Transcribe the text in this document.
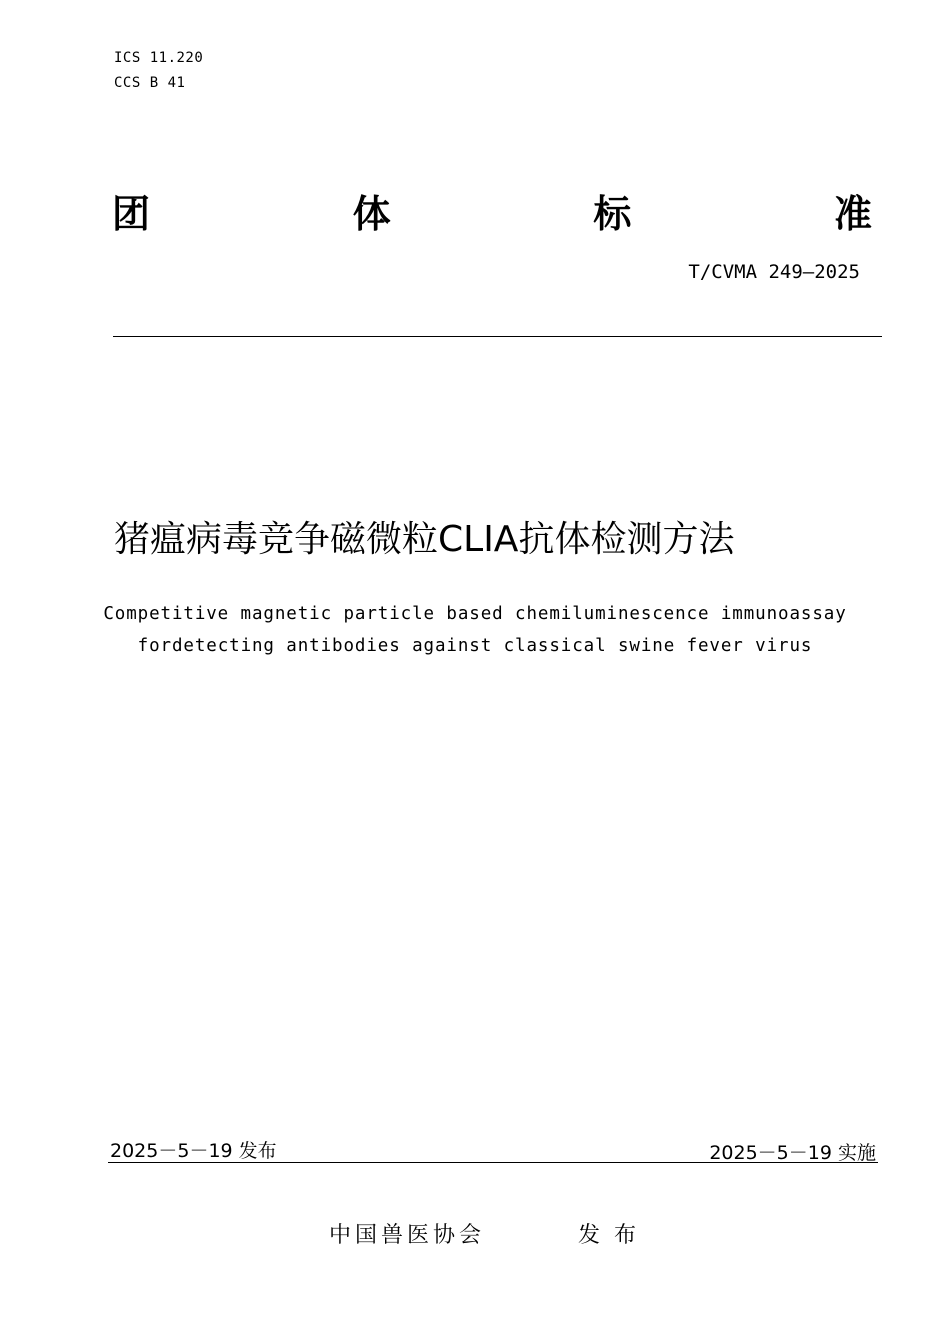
ICS 11.220
CCS B 41
团	体	标	准
T/CVMA 249—2025
猪瘟病毒竞争磁微粒CLIA抗体检测方法
Competitive magnetic particle based chemiluminescence immunoassay
fordetecting antibodies against classical swine fever virus
2025－5－19 发布	2025－5－19 实施
中国兽医协会	发布
